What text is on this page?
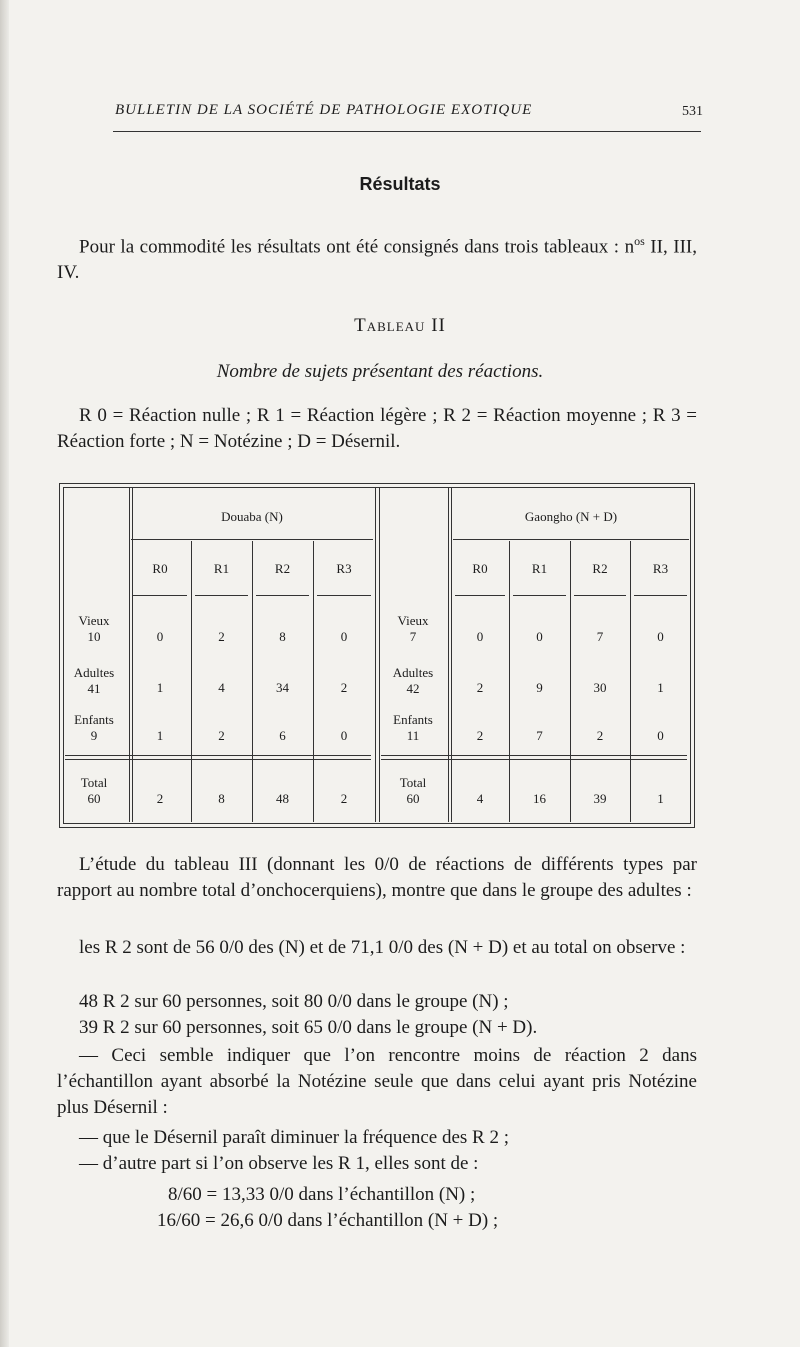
BULLETIN DE LA SOCIÉTÉ DE PATHOLOGIE EXOTIQUE	531
Résultats
Pour la commodité les résultats ont été consignés dans trois tableaux : $n^{os}$ II, III, IV.
Tableau II
Nombre de sujets présentant des réactions.
R 0 = Réaction nulle ; R 1 = Réaction légère ; R 2 = Réaction moyenne ; R 3 = Réaction forte ; N = Notézine ; D = Désernil.
Douaba (N)
R0	R1	R2	R3
Vieux
10	0	2	8	0
Adultes
41	1	4	34	2
Enfants
9	1	2	6	0
Total
60	2	8	48	2
Gaongho (N + D)
R0	R1	R2	R3
Vieux
7	0	0	7	0
Adultes
42	2	9	30	1
Enfants
11	2	7	2	0
Total
60	4	16	39	1
L’étude du tableau III (donnant les 0/0 de réactions de différents types par rapport au nombre total d’onchocerquiens), montre que dans le groupe des adultes :
les R 2 sont de 56 0/0 des (N) et de 71,1 0/0 des (N + D) et au total on observe :
48 R 2 sur 60 personnes, soit 80 0/0 dans le groupe (N) ;
39 R 2 sur 60 personnes, soit 65 0/0 dans le groupe (N + D).
— Ceci semble indiquer que l’on rencontre moins de réaction 2 dans l’échantillon ayant absorbé la Notézine seule que dans celui ayant pris Notézine plus Désernil :
— que le Désernil paraît diminuer la fréquence des R 2 ;
— d’autre part si l’on observe les R 1, elles sont de :
8/60 = 13,33 0/0 dans l’échantillon (N) ;
16/60 = 26,6 0/0 dans l’échantillon (N + D) ;
